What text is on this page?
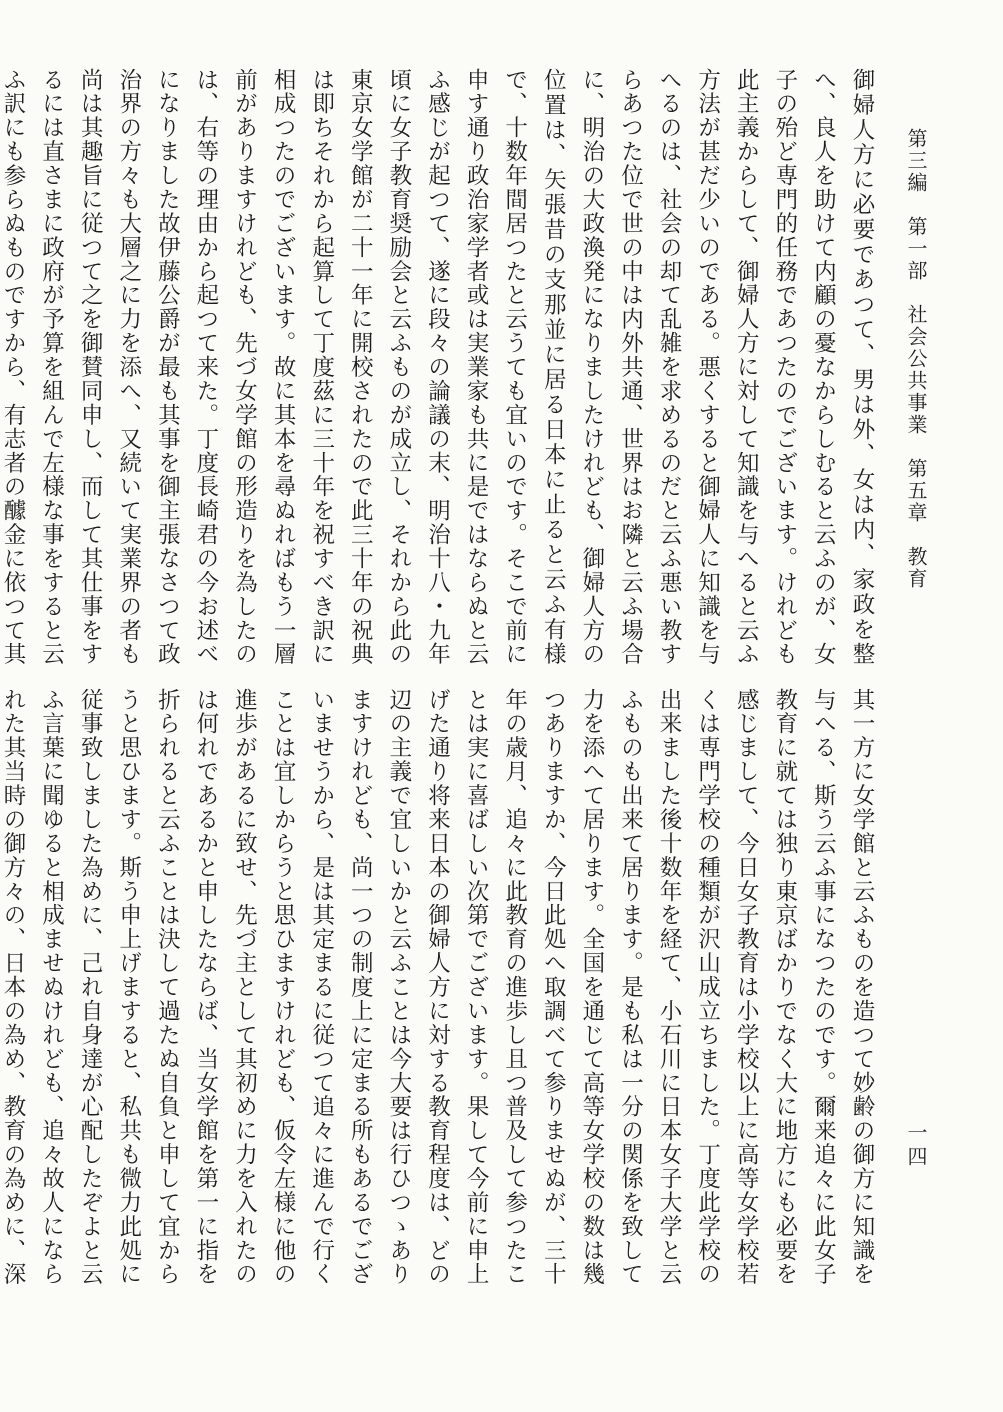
第三編　第一部　社会公共事業　第五章　教育
一四

御婦人方に必要であつて、男は外、女は内、家政を整へ、良人を助けて内顧の憂なからしむると云ふのが、女子の殆ど専門的任務であつたのでございます。けれども此主義からして、御婦人方に対して知識を与へると云ふ方法が甚だ少いのである。悪くすると御婦人に知識を与へるのは、社会の却て乱雑を求めるのだと云ふ悪い教すらあつた位で世の中は内外共通、世界はお隣と云ふ場合に、明治の大政渙発になりましたけれども、御婦人方の位置は、矢張昔の支那並に居る日本に止ると云ふ有様で、十数年間居つたと云うても宜いのです。そこで前に申す通り政治家学者或は実業家も共に是ではならぬと云ふ感じが起つて、遂に段々の論議の末、明治十八・九年頃に女子教育奨励会と云ふものが成立し、それから此の東京女学館が二十一年に開校されたので此三十年の祝典は即ちそれから起算して丁度茲に三十年を祝すべき訳に相成つたのでございます。故に其本を尋ぬればもう一層前がありますけれども、先づ女学館の形造りを為したのは、右等の理由から起つて来た。丁度長崎君の今お述べになりました故伊藤公爵が最も其事を御主張なさつて政治界の方々も大層之に力を添へ、又続いて実業界の者も尚は其趣旨に従つて之を御賛同申し、而して其仕事をするには直さまに政府が予算を組んで左様な事をすると云ふ訳にも参らぬものですから、有志者の醵金に依つて其

其一方に女学館と云ふものを造つて妙齢の御方に知識を与へる、斯う云ふ事になつたのです。爾来追々に此女子教育に就ては独り東京ばかりでなく大に地方にも必要を感じまして、今日女子教育は小学校以上に高等女学校若くは専門学校の種類が沢山成立ちました。丁度此学校の出来ました後十数年を経て、小石川に日本女子大学と云ふものも出来て居ります。是も私は一分の関係を致して力を添へて居ります。全国を通じて高等女学校の数は幾つありますか、今日此処へ取調べて参りませぬが、三十年の歳月、追々に此教育の進歩し且つ普及して参つたことは実に喜ばしい次第でございます。果して今前に申上げた通り将来日本の御婦人方に対する教育程度は、どの辺の主義で宜しいかと云ふことは今大要は行ひつゝありますけれども、尚一つの制度上に定まる所もあるでございませうから、是は其定まるに従つて追々に進んで行くことは宜しからうと思ひますけれども、仮令左様に他の進歩があるに致せ、先づ主として其初めに力を入れたのは何れであるかと申したならば、当女学館を第一に指を折られると云ふことは決して過たぬ自負と申して宜からうと思ひます。斯う申上げますると、私共も微力此処に従事致しました為めに、己れ自身達が心配したぞよと云ふ言葉に聞ゆると相成ませぬけれども、追々故人になられた其当時の御方々の、日本の為め、教育の為めに、深
